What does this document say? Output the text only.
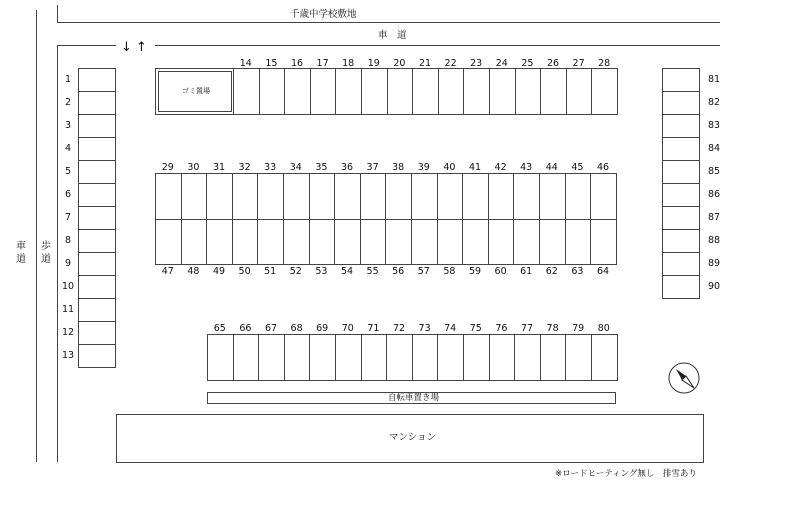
千歳中学校敷地
車　道
↓ ↑
車
道
歩
道
ゴミ置場
1
2
3
4
5
6
7
8
9
10
11
12
13
14	15	16	17	18	19	20	21	22	23	24	25	26	27	28
29	30	31	32	33	34	35	36	37	38	39	40	41	42	43	44	45	46
47	48	49	50	51	52	53	54	55	56	57	58	59	60	61	62	63	64
65	66	67	68	69	70	71	72	73	74	75	76	77	78	79	80
81
82
83
84
85
86
87
88
89
90
自転車置き場
マンション
※ロードヒーティング無し　排雪あり
